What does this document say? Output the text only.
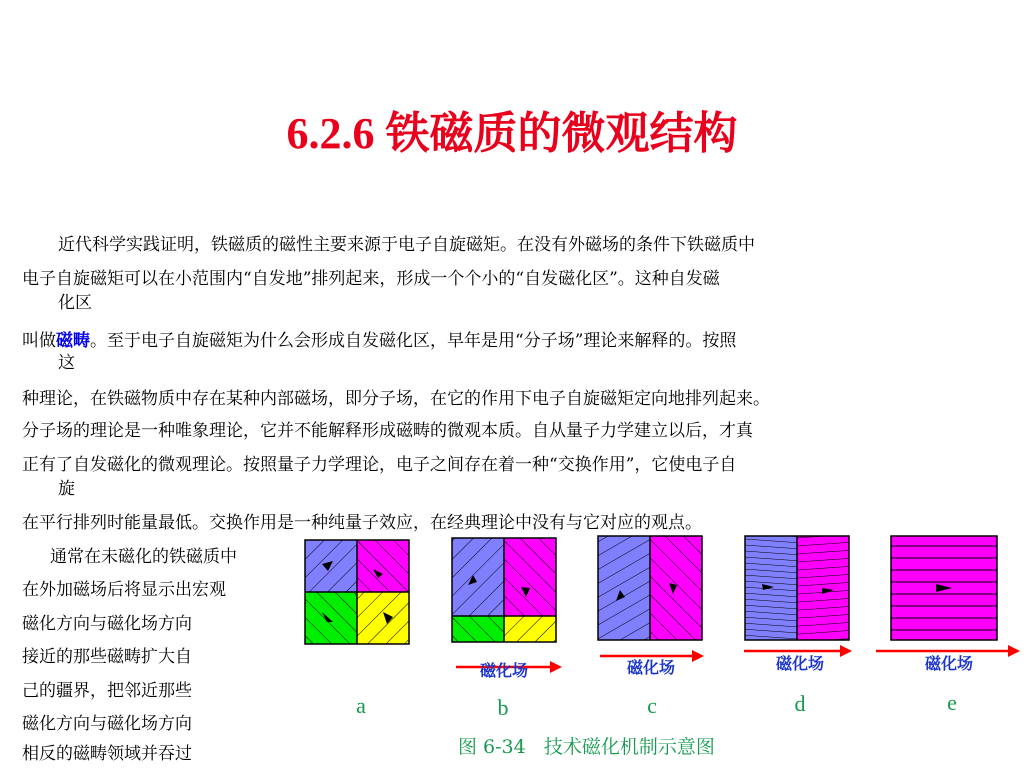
6.2.6 铁磁质的微观结构
近代科学实践证明，铁磁质的磁性主要来源于电子自旋磁矩。在没有外磁场的条件下铁磁质中
电子自旋磁矩可以在小范围内“自发地”排列起来，形成一个个小的“自发磁化区”。这种自发磁
化区
叫做磁畴。至于电子自旋磁矩为什么会形成自发磁化区，早年是用“分子场”理论来解释的。按照
这
种理论，在铁磁物质中存在某种内部磁场，即分子场，在它的作用下电子自旋磁矩定向地排列起来。
分子场的理论是一种唯象理论，它并不能解释形成磁畴的微观本质。自从量子力学建立以后，才真
正有了自发磁化的微观理论。按照量子力学理论，电子之间存在着一种“交换作用”，它使电子自
旋
在平行排列时能量最低。交换作用是一种纯量子效应，在经典理论中没有与它对应的观点。
通常在未磁化的铁磁质中
在外加磁场后将显示出宏观
磁化方向与磁化场方向
接近的那些磁畴扩大自
己的疆界，把邻近那些
磁化方向与磁化场方向
相反的磁畴领域并吞过
a
磁化场
b
磁化场
c
磁化场
d
磁化场
e
图 6-34   技术磁化机制示意图
